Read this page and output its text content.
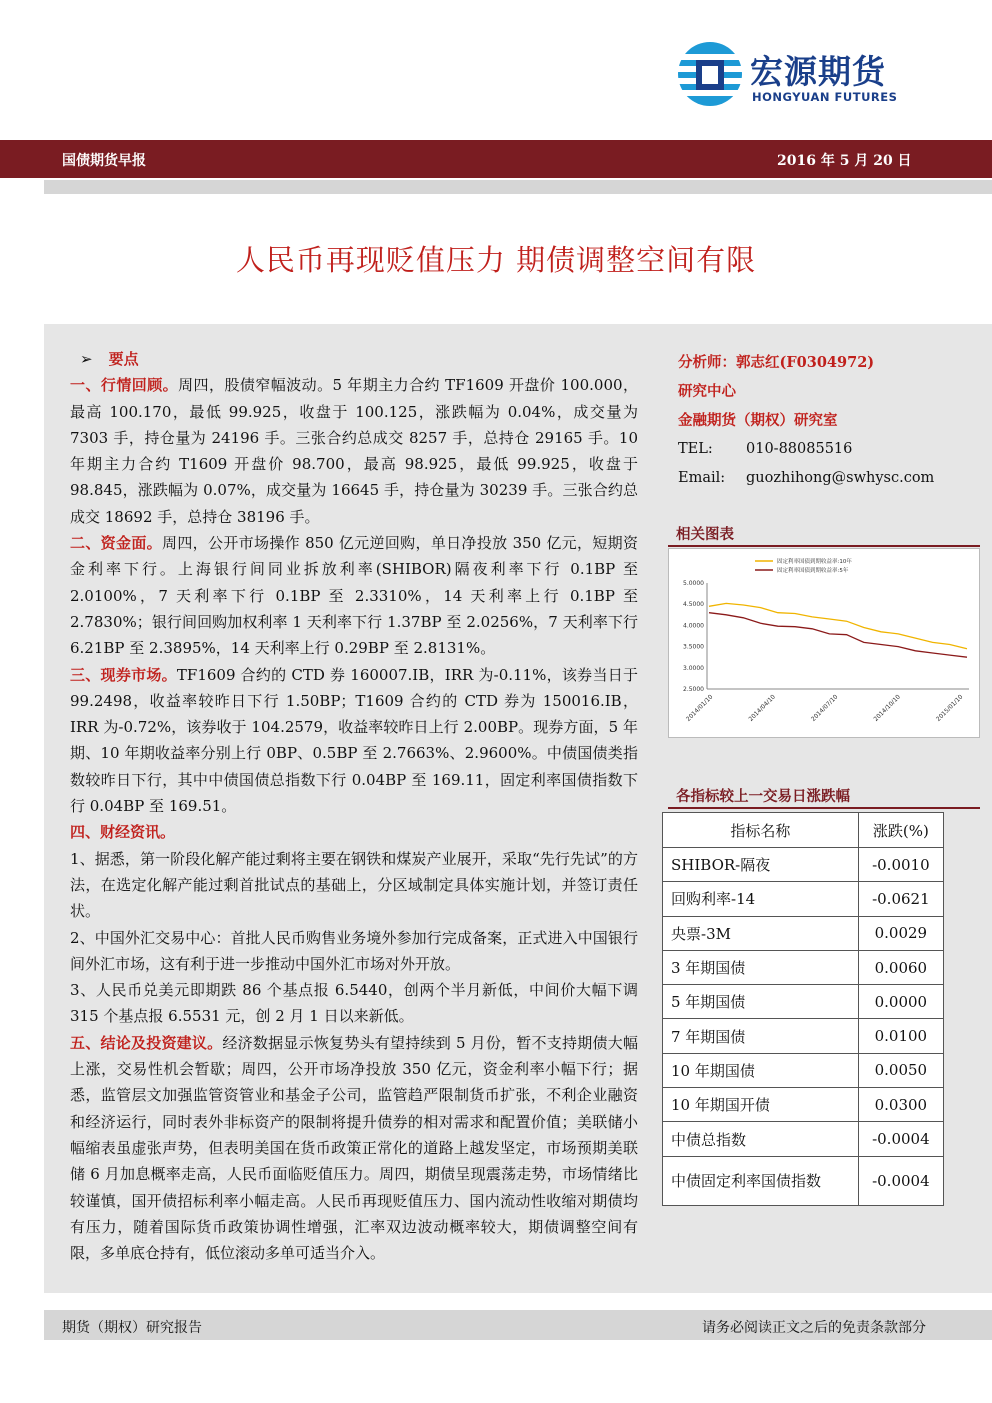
宏源期货
HONGYUAN FUTURES
国债期货早报	2016 年 5 月 20 日
人民币再现贬值压力 期债调整空间有限

➢ 要点

一、行情回顾。周四，股债窄幅波动。5 年期主力合约 TF1609 开盘价 100.000，最高 100.170，最低 99.925，收盘于 100.125，涨跌幅为 0.04%，成交量为 7303 手，持仓量为 24196 手。三张合约总成交 8257 手，总持仓 29165 手。10 年期主力合约 T1609 开盘价 98.700，最高 98.925，最低 99.925，收盘于 98.845，涨跌幅为 0.07%，成交量为 16645 手，持仓量为 30239 手。三张合约总成交 18692 手，总持仓 38196 手。

二、资金面。周四，公开市场操作 850 亿元逆回购，单日净投放 350 亿元，短期资金利率下行。上海银行间同业拆放利率(SHIBOR)隔夜利率下行 0.1BP 至 2.0100%，7 天利率下行 0.1BP 至 2.3310%，14 天利率上行 0.1BP 至 2.7830%；银行间回购加权利率 1 天利率下行 1.37BP 至 2.0256%，7 天利率下行 6.21BP 至 2.3895%，14 天利率上行 0.29BP 至 2.8131%。

三、现券市场。TF1609 合约的 CTD 券 160007.IB，IRR 为-0.11%，该券当日于 99.2498，收益率较昨日下行 1.50BP；T1609 合约的 CTD 券为 150016.IB，IRR 为-0.72%，该券收于 104.2579，收益率较昨日上行 2.00BP。现券方面，5 年期、10 年期收益率分别上行 0BP、0.5BP 至 2.7663%、2.9600%。中债国债类指数较昨日下行，其中中债国债总指数下行 0.04BP 至 169.11，固定利率国债指数下行 0.04BP 至 169.51。

四、财经资讯。

1、据悉，第一阶段化解产能过剩将主要在钢铁和煤炭产业展开，采取“先行先试”的方法，在选定化解产能过剩首批试点的基础上，分区域制定具体实施计划，并签订责任状。

2、中国外汇交易中心：首批人民币购售业务境外参加行完成备案，正式进入中国银行间外汇市场，这有利于进一步推动中国外汇市场对外开放。

3、人民币兑美元即期跌 86 个基点报 6.5440，创两个半月新低，中间价大幅下调 315 个基点报 6.5531 元，创 2 月 1 日以来新低。

五、结论及投资建议。经济数据显示恢复势头有望持续到 5 月份，暂不支持期债大幅上涨，交易性机会暂歇；周四，公开市场净投放 350 亿元，资金利率小幅下行；据悉，监管层文加强监管资管业和基金子公司，监管趋严限制货币扩张，不利企业融资和经济运行，同时表外非标资产的限制将提升债券的相对需求和配置价值；美联储小幅缩表虽虚张声势，但表明美国在货币政策正常化的道路上越发坚定，市场预期美联储 6 月加息概率走高，人民币面临贬值压力。周四，期债呈现震荡走势，市场情绪比较谨慎，国开债招标利率小幅走高。人民币再现贬值压力、国内流动性收缩对期债均有压力，随着国际货币政策协调性增强，汇率双边波动概率较大，期债调整空间有限，多单底仓持有，低位滚动多单可适当介入。

分析师：郭志红(F0304972)
研究中心
金融期货（期权）研究室
TEL: 010-88085516
Email: guozhihong@swhysc.com
相关图表
5.0000
4.5000
4.0000
3.5000
3.0000
2.5000
2014/01/10	2014/04/10	2014/07/10	2014/10/10	2015/01/10
固定利率国债到期收益率:10年
固定利率国债到期收益率:5年
各指标较上一交易日涨跌幅
指标名称	涨跌(%)
SHIBOR-隔夜	-0.0010
回购利率-14	-0.0621
央票-3M	0.0029
3 年期国债	0.0060
5 年期国债	0.0000
7 年期国债	0.0100
10 年期国债	0.0050
10 年期国开债	0.0300
中债总指数	-0.0004
中债固定利率国债指数	-0.0004
期货（期权）研究报告	请务必阅读正文之后的免责条款部分
